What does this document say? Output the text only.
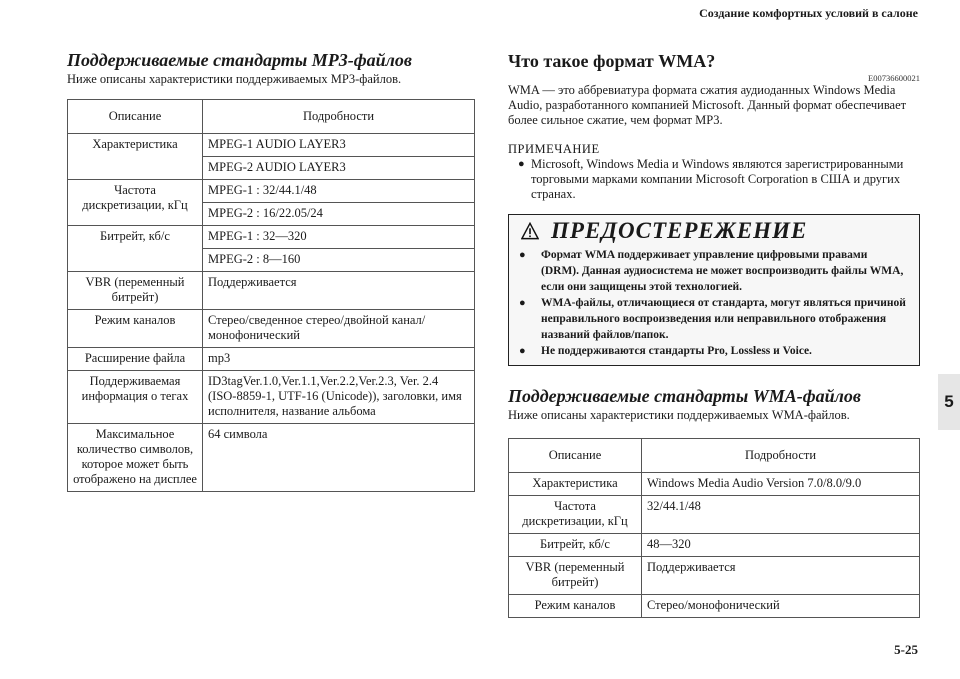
Создание комфортных условий в салоне
5
5-25
Поддерживаемые стандарты MP3-файлов

Ниже описаны характеристики поддерживаемых MP3-файлов.

Описание	Подробности
Характеристика	MPEG-1 AUDIO LAYER3
	MPEG-2 AUDIO LAYER3
Частота дискретизации, кГц	MPEG-1 : 32/44.1/48
	MPEG-2 : 16/22.05/24
Битрейт, кб/с	MPEG-1 : 32—320
	MPEG-2 : 8—160
VBR (переменный битрейт)	Поддерживается
Режим каналов	Стерео/сведенное стерео/двойной канал/монофонический
Расширение файла	mp3
Поддерживаемая информация о тегах	ID3tagVer.1.0,Ver.1.1,Ver.2.2,Ver.2.3, Ver. 2.4 (ISO-8859-1, UTF-16 (Unicode)), заголовки, имя исполнителя, название альбома
Максимальное количество символов, которое может быть отображено на дисплее	64 символа
Что такое формат WMA?
E00736600021

WMA — это аббревиатура формата сжатия аудиоданных Windows Media Audio, разработанного компанией Microsoft. Данный формат обеспечивает более сильное сжатие, чем формат MP3.

ПРИМЕЧАНИЕ
● Microsoft, Windows Media и Windows являются зарегистрированными торговыми марками компании Microsoft Corporation в США и других странах.
ПРЕДОСТЕРЕЖЕНИЕ
● Формат WMA поддерживает управление цифровыми правами (DRM). Данная аудиосистема не может воспроизводить файлы WMA, если они защищены этой технологией.
● WMA-файлы, отличающиеся от стандарта, могут являться причиной неправильного воспроизведения или неправильного отображения названий файлов/папок.
● Не поддерживаются стандарты Pro, Lossless и Voice.
Поддерживаемые стандарты WMA-файлов

Ниже описаны характеристики поддерживаемых WMA-файлов.

Описание	Подробности
Характеристика	Windows Media Audio Version 7.0/8.0/9.0
Частота дискретизации, кГц	32/44.1/48
Битрейт, кб/с	48—320
VBR (переменный битрейт)	Поддерживается
Режим каналов	Стерео/монофонический
